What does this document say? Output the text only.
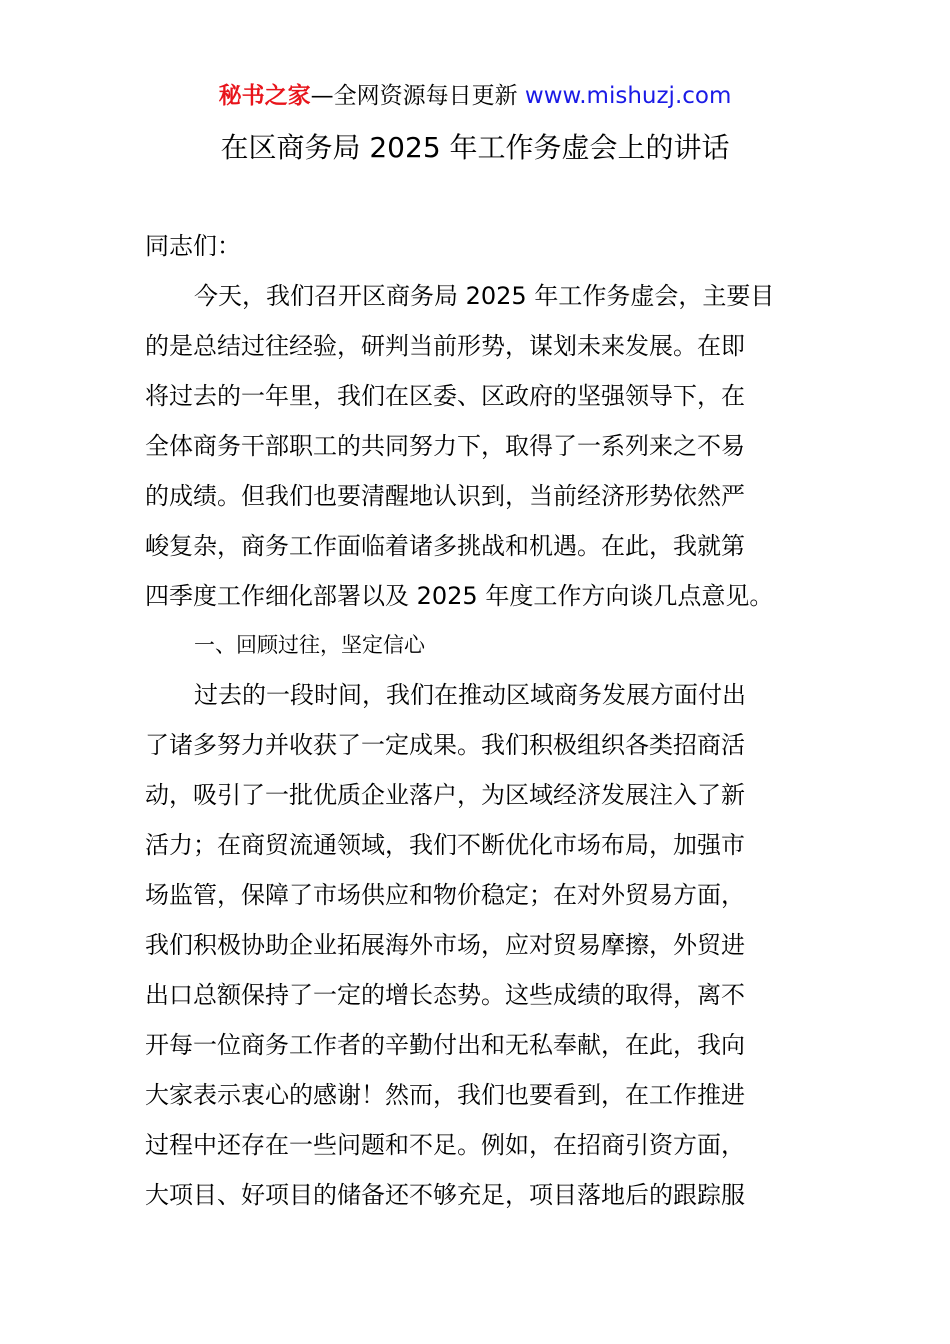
秘书之家—全网资源每日更新 www.mishuzj.com
在区商务局 2025 年工作务虚会上的讲话
同志们：
今天，我们召开区商务局 2025 年工作务虚会，主要目
的是总结过往经验，研判当前形势，谋划未来发展。在即
将过去的一年里，我们在区委、区政府的坚强领导下，在
全体商务干部职工的共同努力下，取得了一系列来之不易
的成绩。但我们也要清醒地认识到，当前经济形势依然严
峻复杂，商务工作面临着诸多挑战和机遇。在此，我就第
四季度工作细化部署以及 2025 年度工作方向谈几点意见。
一、回顾过往，坚定信心
过去的一段时间，我们在推动区域商务发展方面付出
了诸多努力并收获了一定成果。我们积极组织各类招商活
动，吸引了一批优质企业落户，为区域经济发展注入了新
活力；在商贸流通领域，我们不断优化市场布局，加强市
场监管，保障了市场供应和物价稳定；在对外贸易方面，
我们积极协助企业拓展海外市场，应对贸易摩擦，外贸进
出口总额保持了一定的增长态势。这些成绩的取得，离不
开每一位商务工作者的辛勤付出和无私奉献，在此，我向
大家表示衷心的感谢！然而，我们也要看到，在工作推进
过程中还存在一些问题和不足。例如，在招商引资方面，
大项目、好项目的储备还不够充足，项目落地后的跟踪服
